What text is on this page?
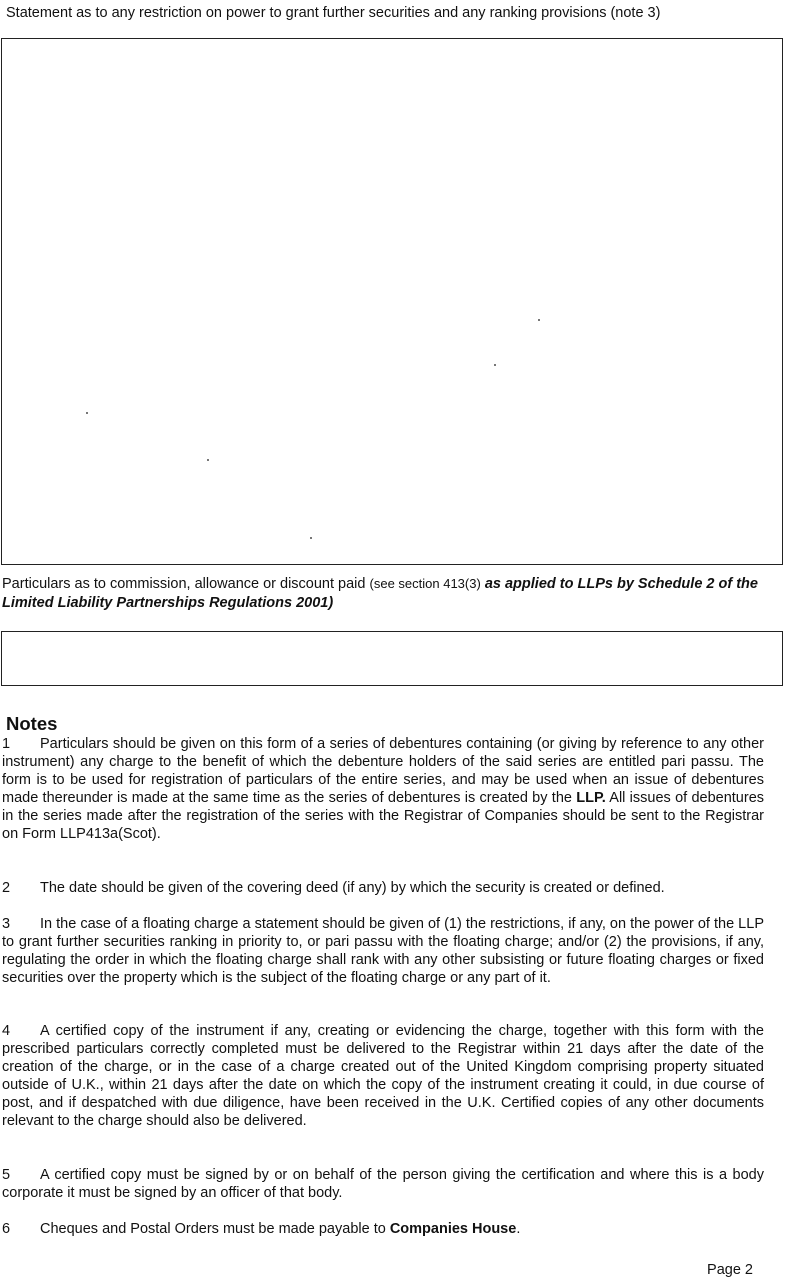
Statement as to any restriction on power to grant further securities and any ranking provisions (note 3)
Particulars as to commission, allowance or discount paid (see section 413(3) as applied to LLPs by Schedule 2 of the Limited Liability Partnerships Regulations 2001)
Notes
1 Particulars should be given on this form of a series of debentures containing (or giving by reference to any other instrument) any charge to the benefit of which the debenture holders of the said series are entitled pari passu. The form is to be used for registration of particulars of the entire series, and may be used when an issue of debentures made thereunder is made at the same time as the series of debentures is created by the LLP. All issues of debentures in the series made after the registration of the series with the Registrar of Companies should be sent to the Registrar on Form LLP413a(Scot).
2 The date should be given of the covering deed (if any) by which the security is created or defined.
3 In the case of a floating charge a statement should be given of (1) the restrictions, if any, on the power of the LLP to grant further securities ranking in priority to, or pari passu with the floating charge; and/or (2) the provisions, if any, regulating the order in which the floating charge shall rank with any other subsisting or future floating charges or fixed securities over the property which is the subject of the floating charge or any part of it.
4 A certified copy of the instrument if any, creating or evidencing the charge, together with this form with the prescribed particulars correctly completed must be delivered to the Registrar within 21 days after the date of the creation of the charge, or in the case of a charge created out of the United Kingdom comprising property situated outside of U.K., within 21 days after the date on which the copy of the instrument creating it could, in due course of post, and if despatched with due diligence, have been received in the U.K. Certified copies of any other documents relevant to the charge should also be delivered.
5 A certified copy must be signed by or on behalf of the person giving the certification and where this is a body corporate it must be signed by an officer of that body.
6 Cheques and Postal Orders must be made payable to Companies House.
Page 2
